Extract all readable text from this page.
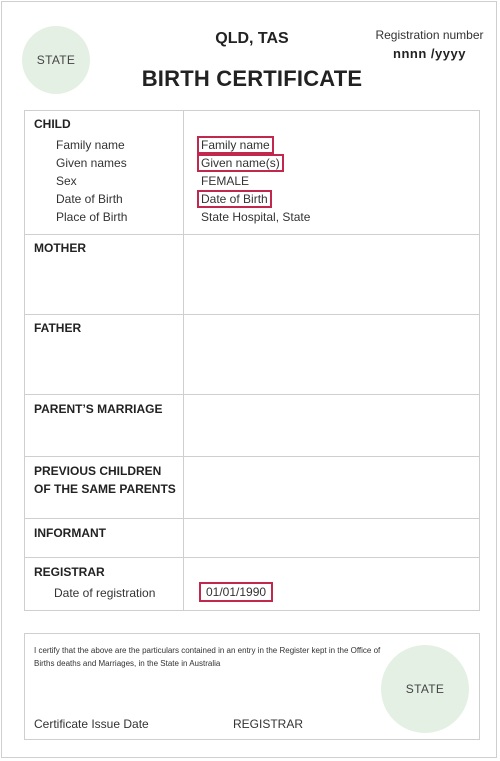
STATE
QLD, TAS
BIRTH CERTIFICATE
Registration number
nnnn /yyyy
CHILD
Family name	Family name
Given names	Given name(s)
Sex	FEMALE
Date of Birth	Date of Birth
Place of Birth	State Hospital, State
MOTHER
FATHER
PARENT’S MARRIAGE
PREVIOUS CHILDREN
OF THE SAME PARENTS
INFORMANT
REGISTRAR
Date of registration	01/01/1990
I certify that the above are the particulars contained in an entry in the Register kept in the Office of Births deaths and Marriages, in the State in Australia
Certificate Issue Date	REGISTRAR
STATE
